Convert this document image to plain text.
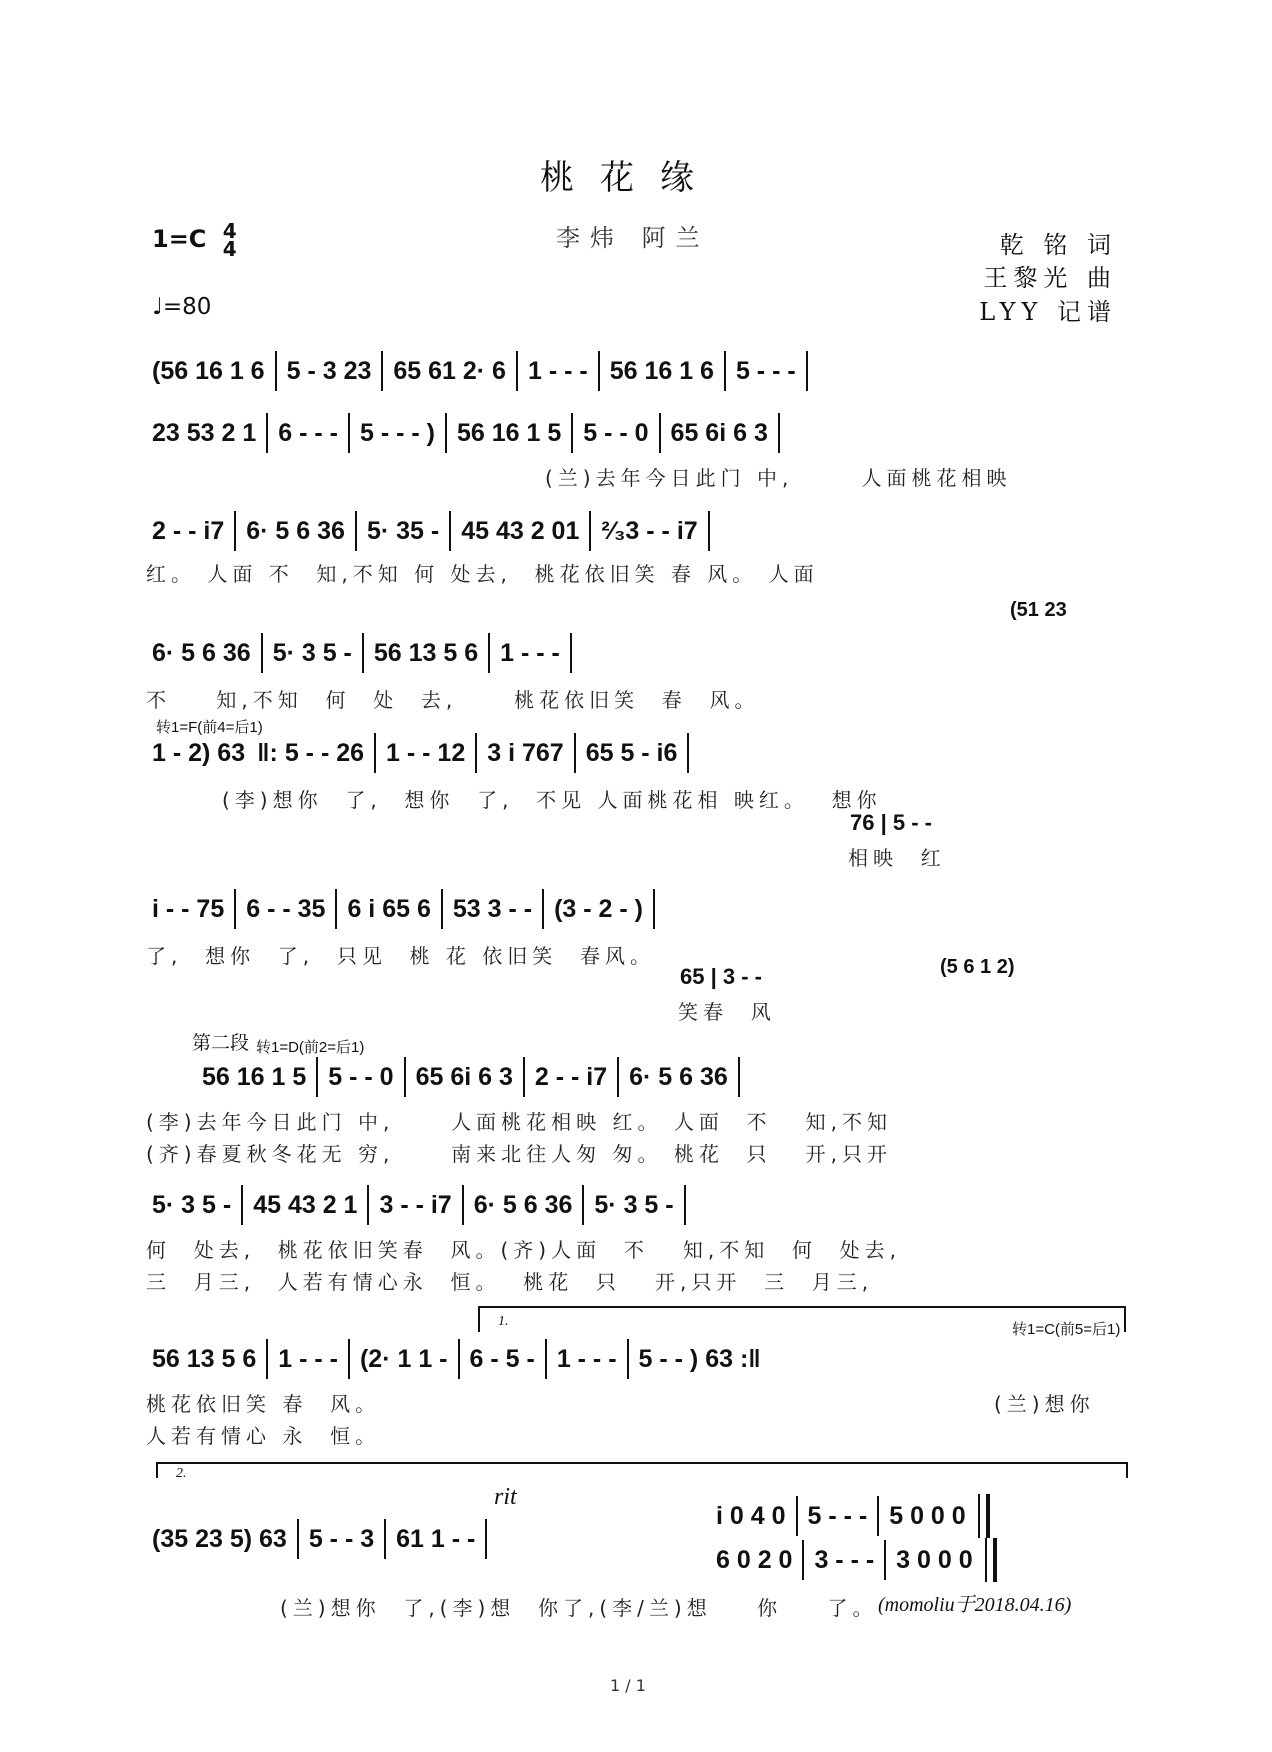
桃花缘
李炜 阿兰
1=C 4
4
♩=80
乾 铭 词
王黎光 曲
LYY 记谱
(56 16 1 6 5 - 3 23 65 61 2· 6 1 - - - 56 16 1 6 5 - - -
23 53 2 1 6 - - - 5 - - - ) 56 16 1 5 5 - - 0 65 6i 6 3
(兰)去年今日此门 中,      人面桃花相映
2 - - i7 6· 5 6 36 5· 35 - 45 43 2 01 ²⁄₃3 - - i7
红。 人面 不  知,不知 何 处去,  桃花依旧笑 春 风。 人面
(51 23
6· 5 6 36 5· 3 5 - 56 13 5 6 1 - - -
不    知,不知  何  处  去,     桃花依旧笑  春  风。
转1=F(前4=后1)
1 - 2) 63 ‖: 5 - - 26 1 - - 12 3 i 767 65 5 - i6
(李)想你  了,  想你  了,  不见 人面桃花相 映红。  想你
76 | 5 - -
相映  红
i - - 75 6 - - 35 6 i 65 6 53 3 - - (3 - 2 - )
了,  想你  了,  只见  桃 花 依旧笑  春风。
65 | 3 - -	(5 6 1 2)
笑春  风
第二段 转1=D(前2=后1)
56 16 1 5 5 - - 0 65 6i 6 3 2 - - i7 6· 5 6 36
(李)去年今日此门 中,     人面桃花相映 红。 人面  不   知,不知
(齐)春夏秋冬花无 穷,     南来北往人匆 匆。 桃花  只   开,只开
5· 3 5 - 45 43 2 1 3 - - i7 6· 5 6 36 5· 3 5 -
何  处去,  桃花依旧笑春  风。(齐)人面  不   知,不知  何  处去,
三  月三,  人若有情心永  恒。  桃花  只   开,只开  三  月三,
1.	转1=C(前5=后1)
56 13 5 6 1 - - - (2· 1 1 - 6 - 5 - 1 - - - 5 - - ) 63 :‖
桃花依旧笑 春  风。
人若有情心 永  恒。
(兰)想你
2.
rit
(35 23 5) 63 5 - - 3 61 1 - -
i 0 4 0 5 - - - 5 0 0 0
6 0 2 0 3 - - - 3 0 0 0
(兰)想你  了,(李)想  你了,(李/兰)想    你    了。 (momoliu于2018.04.16)
1 / 1
